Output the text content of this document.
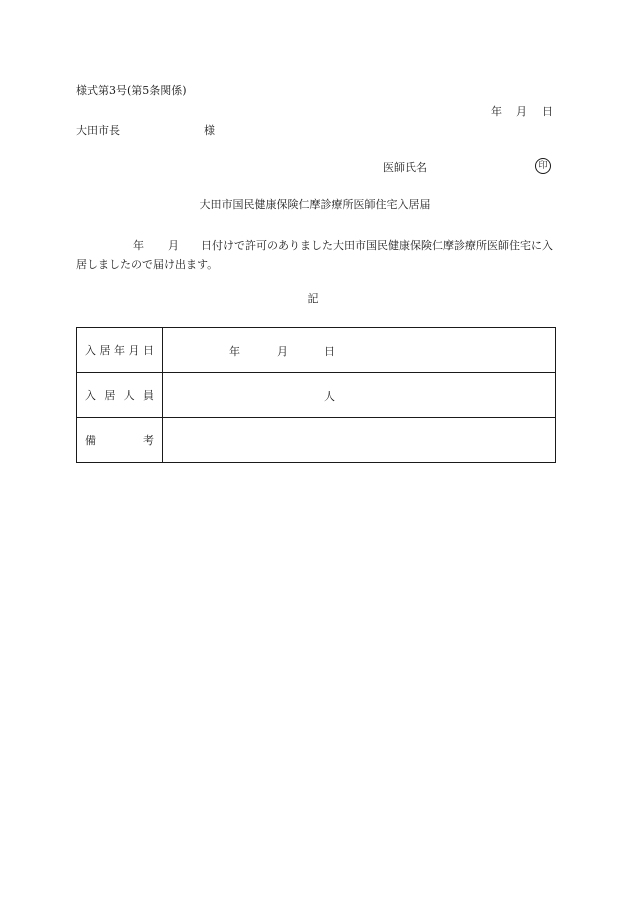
様式第3号(第5条関係)
年 月 日
大田市長	様
医師氏名	印
大田市国民健康保険仁摩診療所医師住宅入居届
年 月 日付けで許可のありました大田市国民健康保険仁摩診療所医師住宅に入居しましたので届け出ます。
記
入 居 年 月 日	年 月 日

入 居 人 員	人

備 考	
